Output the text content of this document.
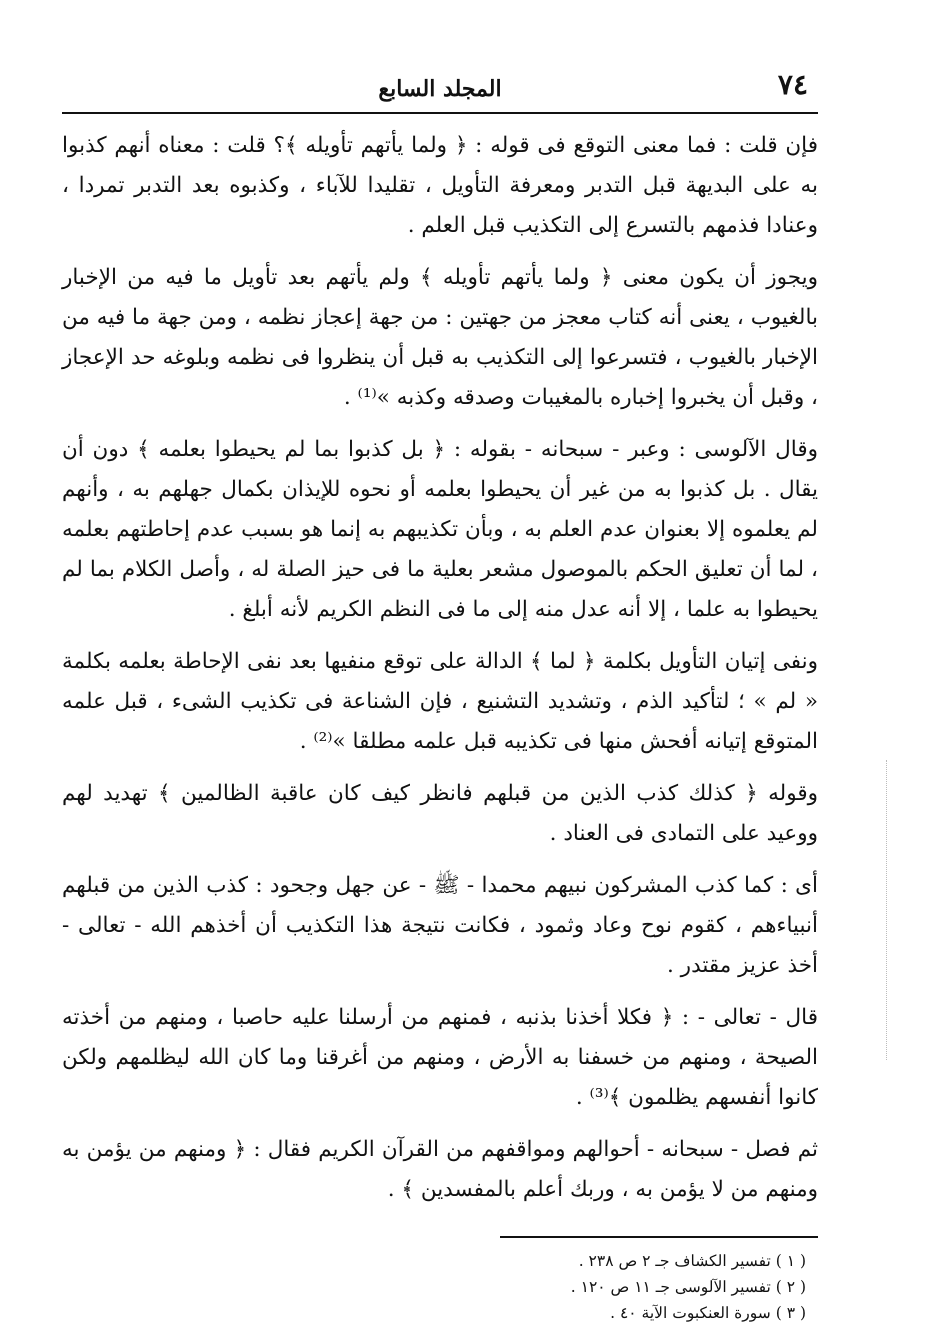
٧٤
المجلد السابع

فإن قلت : فما معنى التوقع فى قوله : ﴿ ولما يأتهم تأويله ﴾؟ قلت : معناه أنهم كذبوا به على البديهة قبل التدبر ومعرفة التأويل ، تقليدا للآباء ، وكذبوه بعد التدبر تمردا ، وعنادا فذمهم بالتسرع إلى التكذيب قبل العلم .

ويجوز أن يكون معنى ﴿ ولما يأتهم تأويله ﴾ ولم يأتهم بعد تأويل ما فيه من الإخبار بالغيوب ، يعنى أنه كتاب معجز من جهتين : من جهة إعجاز نظمه ، ومن جهة ما فيه من الإخبار بالغيوب ، فتسرعوا إلى التكذيب به قبل أن ينظروا فى نظمه وبلوغه حد الإعجاز ، وقبل أن يخبروا إخباره بالمغيبات وصدقه وكذبه »⁽¹⁾ .

وقال الآلوسى : وعبر - سبحانه - بقوله : ﴿ بل كذبوا بما لم يحيطوا بعلمه ﴾ دون أن يقال . بل كذبوا به من غير أن يحيطوا بعلمه أو نحوه للإيذان بكمال جهلهم به ، وأنهم لم يعلموه إلا بعنوان عدم العلم به ، وبأن تكذيبهم به إنما هو بسبب عدم إحاطتهم بعلمه ، لما أن تعليق الحكم بالموصول مشعر بعلية ما فى حيز الصلة له ، وأصل الكلام بما لم يحيطوا به علما ، إلا أنه عدل منه إلى ما فى النظم الكريم لأنه أبلغ .

ونفى إتيان التأويل بكلمة ﴿ لما ﴾ الدالة على توقع منفيها بعد نفى الإحاطة بعلمه بكلمة « لم » ؛ لتأكيد الذم ، وتشديد التشنيع ، فإن الشناعة فى تكذيب الشىء ، قبل علمه المتوقع إتيانه أفحش منها فى تكذيبه قبل علمه مطلقا »⁽²⁾ .

وقوله ﴿ كذلك كذب الذين من قبلهم فانظر كيف كان عاقبة الظالمين ﴾ تهديد لهم ووعيد على التمادى فى العناد .

أى : كما كذب المشركون نبيهم محمدا - ﷺ - عن جهل وجحود : كذب الذين من قبلهم أنبياءهم ، كقوم نوح وعاد وثمود ، فكانت نتيجة هذا التكذيب أن أخذهم الله - تعالى - أخذ عزيز مقتدر .

قال - تعالى - : ﴿ فكلا أخذنا بذنبه ، فمنهم من أرسلنا عليه حاصبا ، ومنهم من أخذته الصيحة ، ومنهم من خسفنا به الأرض ، ومنهم من أغرقنا وما كان الله ليظلمهم ولكن كانوا أنفسهم يظلمون ﴾⁽³⁾ .

ثم فصل - سبحانه - أحوالهم ومواقفهم من القرآن الكريم فقال : ﴿ ومنهم من يؤمن به ومنهم من لا يؤمن به ، وربك أعلم بالمفسدين ﴾ .

( ١ ) تفسير الكشاف جـ ٢ ص ٢٣٨ .

( ٢ ) تفسير الآلوسى جـ ١١ ص ١٢٠ .

( ٣ ) سورة العنكبوت الآية ٤٠ .
